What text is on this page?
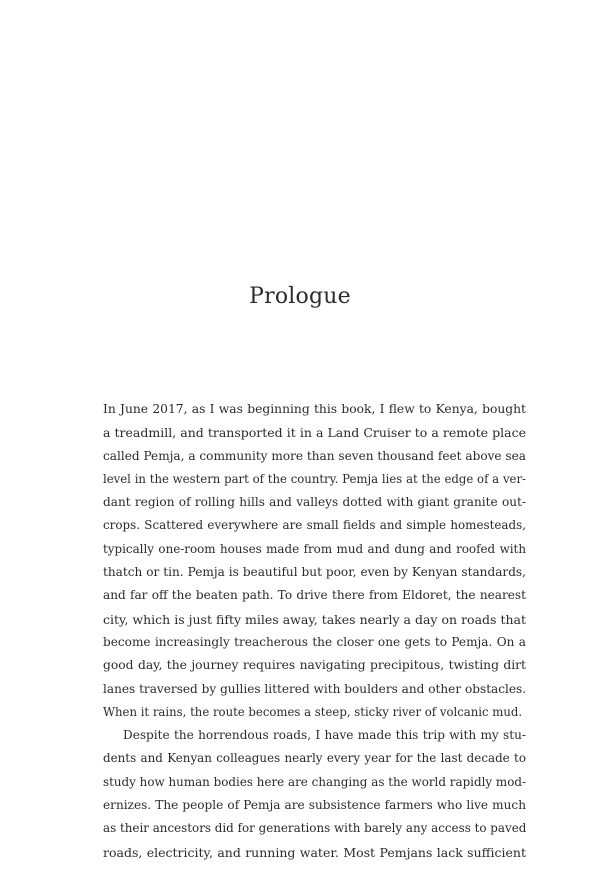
Prologue
In June 2017, as I was beginning this book, I flew to Kenya, bought
a treadmill, and transported it in a Land Cruiser to a remote place
called Pemja, a community more than seven thousand feet above sea
level in the western part of the country. Pemja lies at the edge of a ver-
dant region of rolling hills and valleys dotted with giant granite out-
crops. Scattered everywhere are small fields and simple homesteads,
typically one-room houses made from mud and dung and roofed with
thatch or tin. Pemja is beautiful but poor, even by Kenyan standards,
and far off the beaten path. To drive there from Eldoret, the nearest
city, which is just fifty miles away, takes nearly a day on roads that
become increasingly treacherous the closer one gets to Pemja. On a
good day, the journey requires navigating precipitous, twisting dirt
lanes traversed by gullies littered with boulders and other obstacles.
When it rains, the route becomes a steep, sticky river of volcanic mud.
Despite the horrendous roads, I have made this trip with my stu-
dents and Kenyan colleagues nearly every year for the last decade to
study how human bodies here are changing as the world rapidly mod-
ernizes. The people of Pemja are subsistence farmers who live much
as their ancestors did for generations with barely any access to paved
roads, electricity, and running water. Most Pemjans lack sufficient
